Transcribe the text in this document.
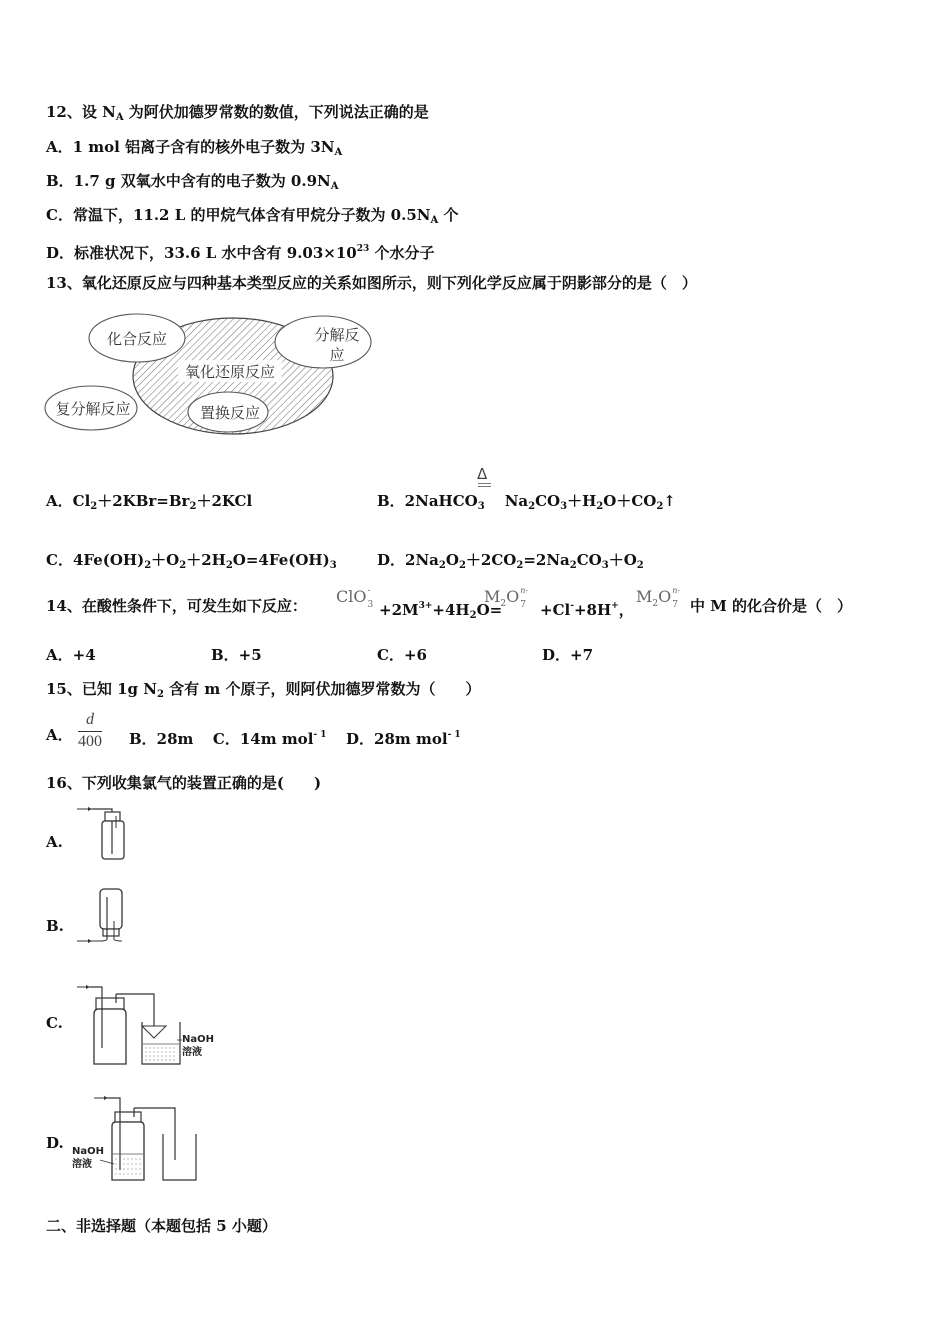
12、设 $N_A$ 为阿伏加德罗常数的数值，下列说法正确的是
A．1 mol 铝离子含有的核外电子数为 $3N_A$
B．1.7 g 双氧水中含有的电子数为 $0.9N_A$
C．常温下，11.2 L 的甲烷气体含有甲烷分子数为 $0.5N_A$ 个
D．标准状况下，33.6 L 水中含有 $9.03\times 10^{23}$ 个水分子
13、氧化还原反应与四种基本类型反应的关系如图所示，则下列化学反应属于阴影部分的是（　）
化合反应	分解反
应
氧化还原反应
复分解反应	置换反应
Δ
A．$Cl_2+2KBr=Br_2+2KCl$	B．2NaHCO$_3$ $Na_2CO_3+H_2O+CO_2↑$
C．$4Fe(OH)_2+O_2+2H_2O=4Fe(OH)_3$	D．$2Na_2O_2+2CO_2=2Na_2CO_3+O_2$
14、在酸性条件下，可发生如下反应： ClO -
$3 +2M^{3+}+4H_2O=$
$M_2O$ n-
7 +Cl-+8H+，
$M_2O$ n-
7 中 M 的化合价是（　）
A．+4	B．+5	C．+6	D．+7
15、已知 1g $N_2$ 含有 m 个原子，则阿伏加德罗常数为（　　）
A． $\frac{d}{400}$ B．28m C．14m mol$^{- 1}$ D．28m mol$^{- 1}$
16、下列收集氯气的装置正确的是(　　)
A.
B.
C.
NaOH
溶液
D. NaOH
溶液
二、非选择题（本题包括 5 小题）
